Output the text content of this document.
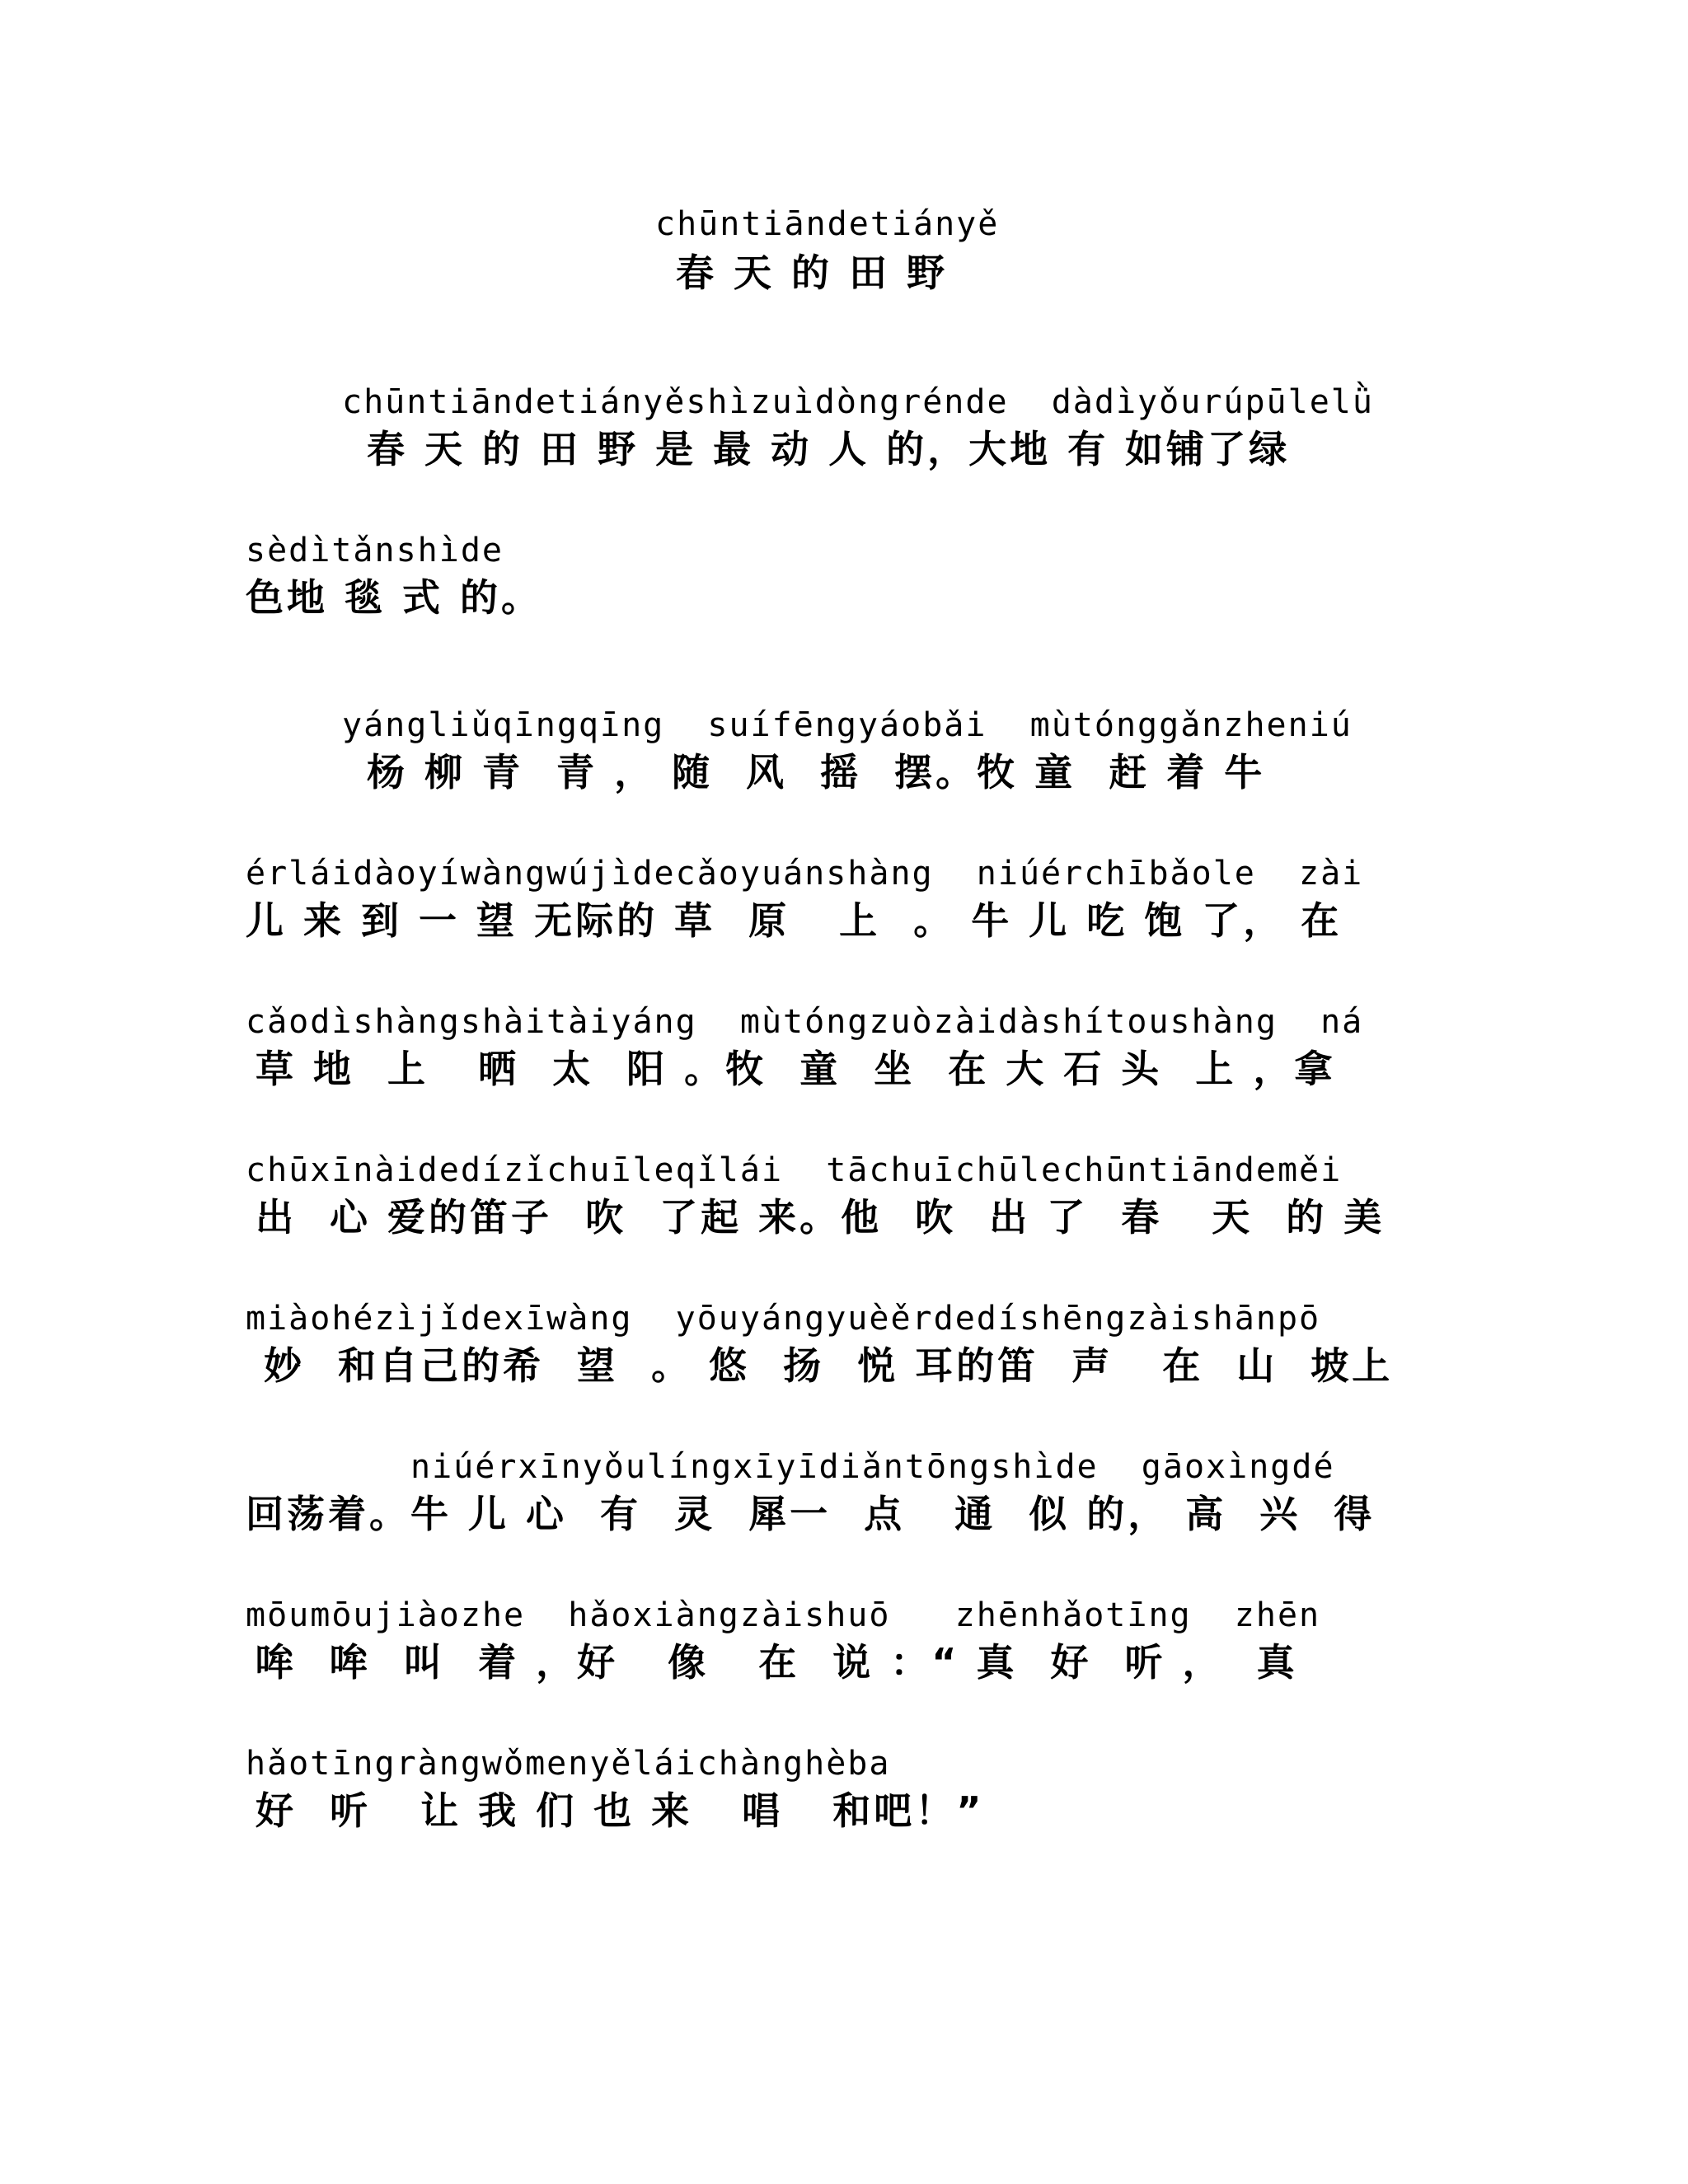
chūntiāndetiányě
春 天 的 田 野
chūntiāndetiányěshìzuìdòngrénde  dàdìyǒurúpūlelǜ
春 天 的 田 野 是 最 动 人 的，大地 有 如铺了绿
sèdìtǎnshìde
色地 毯 式 的。
yángliǔqīngqīng  suífēngyáobǎi  mùtónggǎnzheniú
杨 柳 青  青 ， 随  风  摇  摆。牧 童  赶 着 牛
érláidàoyíwàngwújìdecǎoyuánshàng  niúérchībǎole  zài
儿 来 到 一 望 无际的 草  原   上  。 牛 儿 吃 饱 了， 在
cǎodìshàngshàitàiyáng  mùtóngzuòzàidàshítoushàng  ná
草 地  上   晒  太  阳 。牧  童  坐  在 大 石 头  上 ，拿
chūxīnàidedízǐchuīleqǐlái  tāchuīchūlechūntiāndeměi
出  心 爱的笛子  吹  了起 来。他  吹  出 了  春   天  的 美
miàohézìjǐdexīwàng  yōuyángyuèěrdedíshēngzàishānpō
妙  和自己的希  望  。 悠  扬  悦 耳的笛  声   在  山  坡上
niúérxīnyǒulíngxīyīdiǎntōngshìde  gāoxìngdé
回荡着。牛 儿 心  有  灵  犀一  点   通  似 的， 高  兴  得
mōumōujiàozhe  hǎoxiàngzàishuō   zhēnhǎotīng  zhēn
哞  哞  叫  着 ，好   像   在  说 ：“ 真  好  听 ，  真
hǎotīngràngwǒmenyěláichànghèba
好  听   让 我 们 也 来   唱   和吧！”
